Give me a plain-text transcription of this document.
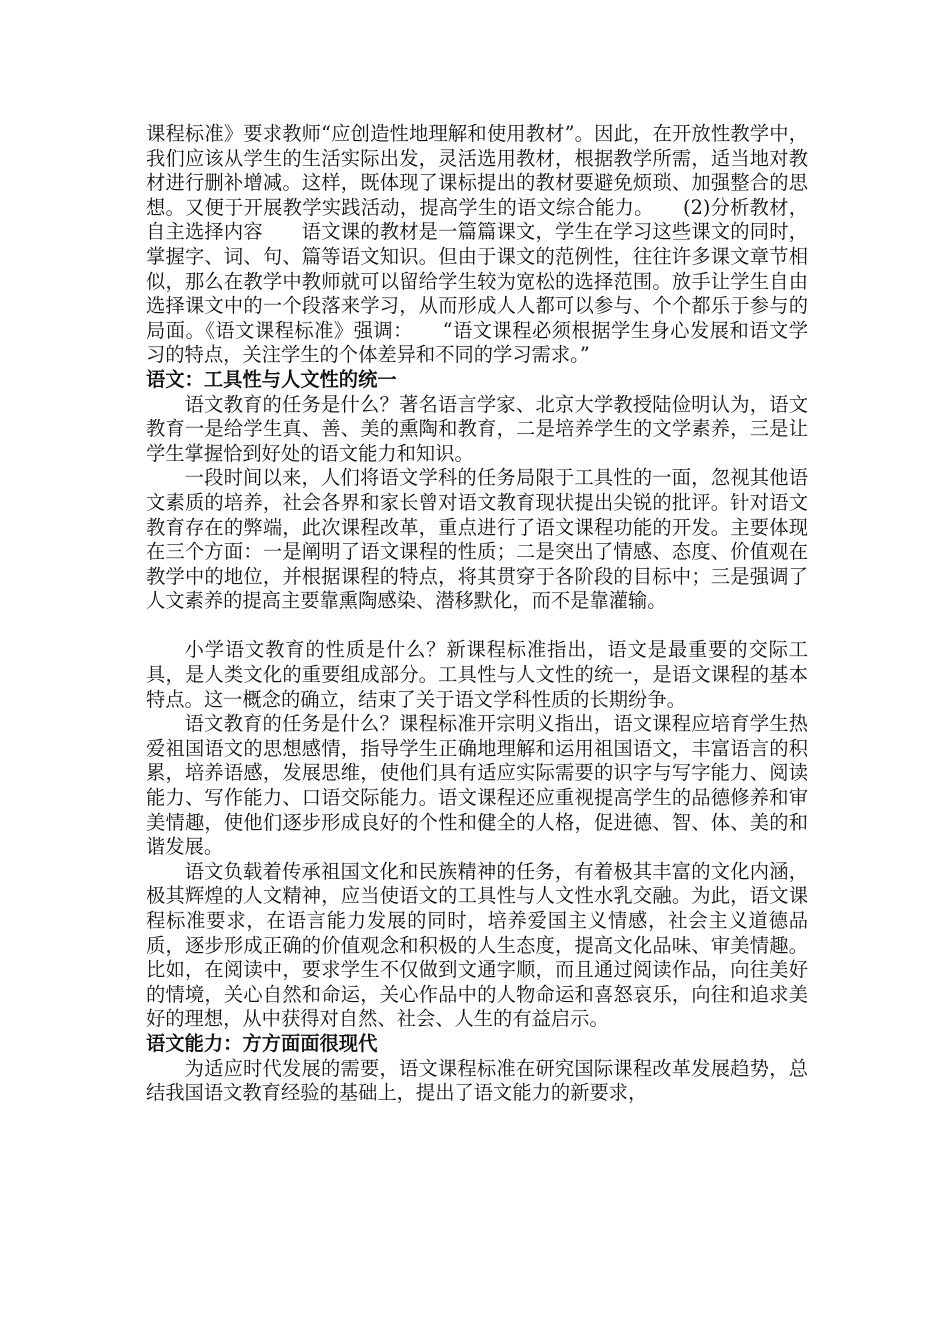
课程标准》要求教师“应创造性地理解和使用教材”。因此，在开放性教学中，我们应该从学生的生活实际出发，灵活选用教材，根据教学所需，适当地对教材进行删补增减。这样，既体现了课标提出的教材要避免烦琐、加强整合的思想。又便于开展教学实践活动，提高学生的语文综合能力。　　(2)分析教材，自主选择内容　　语文课的教材是一篇篇课文，学生在学习这些课文的同时，掌握字、词、句、篇等语文知识。但由于课文的范例性，往往许多课文章节相似，那么在教学中教师就可以留给学生较为宽松的选择范围。放手让学生自由选择课文中的一个段落来学习，从而形成人人都可以参与、个个都乐于参与的局面。《语文课程标准》强调：　　“语文课程必须根据学生身心发展和语文学习的特点，关注学生的个体差异和不同的学习需求。”

语文：工具性与人文性的统一

语文教育的任务是什么？著名语言学家、北京大学教授陆俭明认为，语文教育一是给学生真、善、美的熏陶和教育，二是培养学生的文学素养，三是让学生掌握恰到好处的语文能力和知识。

一段时间以来，人们将语文学科的任务局限于工具性的一面，忽视其他语文素质的培养，社会各界和家长曾对语文教育现状提出尖锐的批评。针对语文教育存在的弊端，此次课程改革，重点进行了语文课程功能的开发。主要体现在三个方面：一是阐明了语文课程的性质；二是突出了情感、态度、价值观在教学中的地位，并根据课程的特点，将其贯穿于各阶段的目标中；三是强调了人文素养的提高主要靠熏陶感染、潜移默化，而不是靠灌输。

小学语文教育的性质是什么？新课程标准指出，语文是最重要的交际工具，是人类文化的重要组成部分。工具性与人文性的统一，是语文课程的基本特点。这一概念的确立，结束了关于语文学科性质的长期纷争。

语文教育的任务是什么？课程标准开宗明义指出，语文课程应培育学生热爱祖国语文的思想感情，指导学生正确地理解和运用祖国语文，丰富语言的积累，培养语感，发展思维，使他们具有适应实际需要的识字与写字能力、阅读能力、写作能力、口语交际能力。语文课程还应重视提高学生的品德修养和审美情趣，使他们逐步形成良好的个性和健全的人格，促进德、智、体、美的和谐发展。

语文负载着传承祖国文化和民族精神的任务，有着极其丰富的文化内涵，极其辉煌的人文精神，应当使语文的工具性与人文性水乳交融。为此，语文课程标准要求，在语言能力发展的同时，培养爱国主义情感，社会主义道德品质，逐步形成正确的价值观念和积极的人生态度，提高文化品味、审美情趣。比如，在阅读中，要求学生不仅做到文通字顺，而且通过阅读作品，向往美好的情境，关心自然和命运，关心作品中的人物命运和喜怒哀乐，向往和追求美好的理想，从中获得对自然、社会、人生的有益启示。

语文能力：方方面面很现代

为适应时代发展的需要，语文课程标准在研究国际课程改革发展趋势，总结我国语文教育经验的基础上，提出了语文能力的新要求，
